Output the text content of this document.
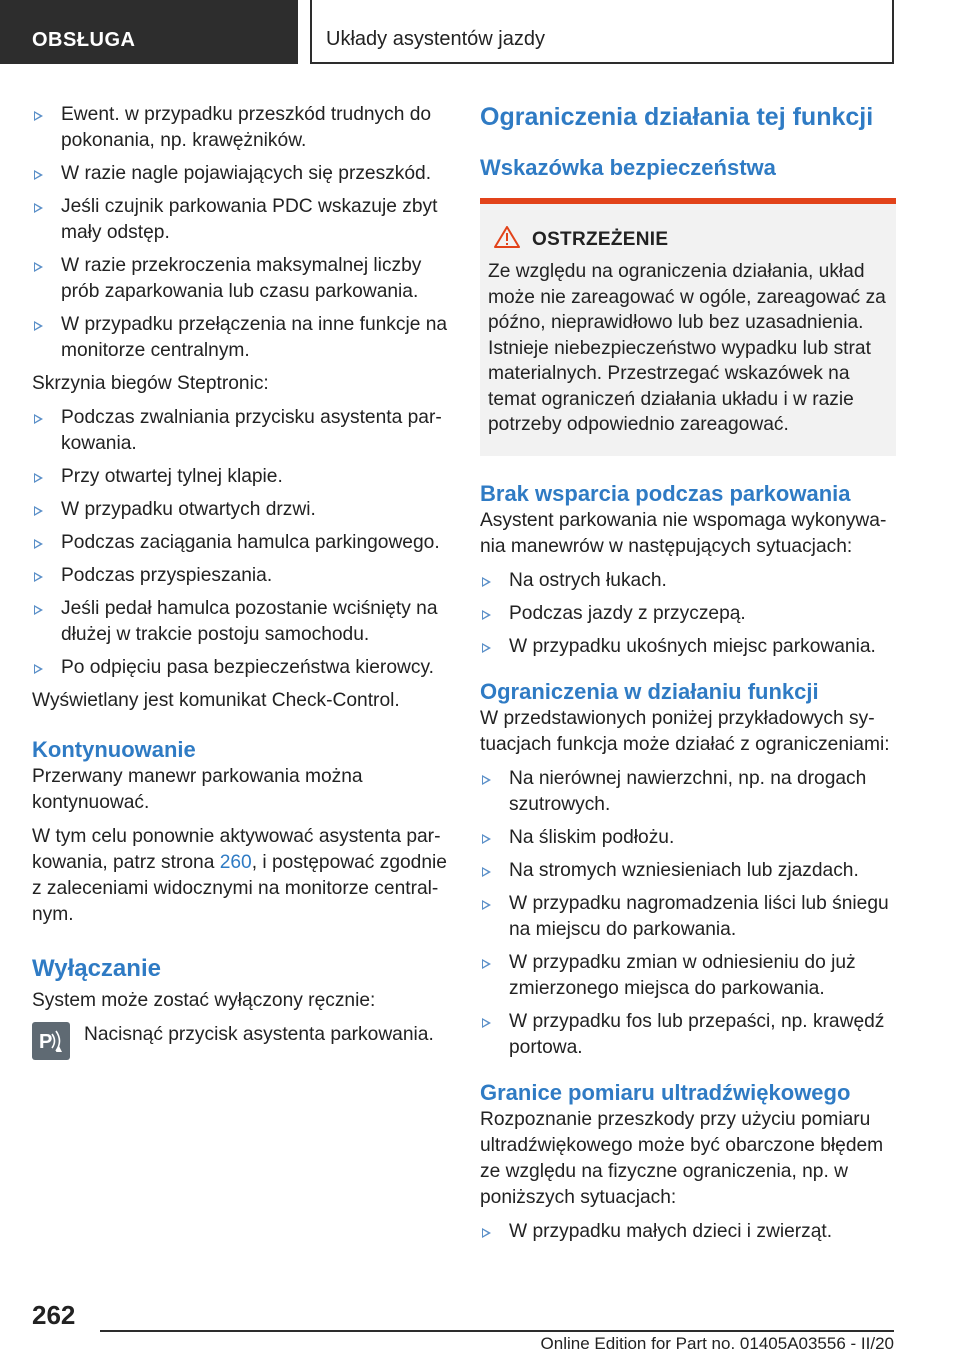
OBSŁUGA	Układy asystentów jazdy
Ewent. w przypadku przeszkód trudnych do pokonania, np. krawężników.
W razie nagle pojawiających się przeszkód.
Jeśli czujnik parkowania PDC wskazuje zbyt mały odstęp.
W razie przekroczenia maksymalnej liczby prób zaparkowania lub czasu parkowania.
W przypadku przełączenia na inne funkcje na monitorze centralnym.

Skrzynia biegów Steptronic:

Podczas zwalniania przycisku asystenta parkowania.
Przy otwartej tylnej klapie.
W przypadku otwartych drzwi.
Podczas zaciągania hamulca parkingowego.
Podczas przyspieszania.
Jeśli pedał hamulca pozostanie wciśnięty na dłużej w trakcie postoju samochodu.
Po odpięciu pasa bezpieczeństwa kierowcy.

Wyświetlany jest komunikat Check-Control.

Kontynuowanie

Przerwany manewr parkowania można kontynuować.

W tym celu ponownie aktywować asystenta parkowania, patrz strona 260, i postępować zgodnie z zaleceniami widocznymi na monitorze centralnym.

Wyłączanie

System może zostać wyłączony ręcznie:

P Nacisnąć przycisk asystenta parkowania.

Ograniczenia działania tej funkcji

Wskazówka bezpieczeństwa

OSTRZEŻENIE
Ze względu na ograniczenia działania, układ może nie zareagować w ogóle, zareagować za późno, nieprawidłowo lub bez uzasadnienia. Istnieje niebezpieczeństwo wypadku lub strat materialnych. Przestrzegać wskazówek na temat ograniczeń działania układu i w razie potrzeby odpowiednio zareagować.

Brak wsparcia podczas parkowania

Asystent parkowania nie wspomaga wykonywania manewrów w następujących sytuacjach:

Na ostrych łukach.
Podczas jazdy z przyczepą.
W przypadku ukośnych miejsc parkowania.

Ograniczenia w działaniu funkcji

W przedstawionych poniżej przykładowych sytuacjach funkcja może działać z ograniczeniami:

Na nierównej nawierzchni, np. na drogach szutrowych.
Na śliskim podłożu.
Na stromych wzniesieniach lub zjazdach.
W przypadku nagromadzenia liści lub śniegu na miejscu do parkowania.
W przypadku zmian w odniesieniu do już zmierzonego miejsca do parkowania.
W przypadku fos lub przepaści, np. krawędź portowa.

Granice pomiaru ultradźwiękowego

Rozpoznanie przeszkody przy użyciu pomiaru ultradźwiękowego może być obarczone błędem ze względu na fizyczne ograniczenia, np. w poniższych sytuacjach:

W przypadku małych dzieci i zwierząt.
262
Online Edition for Part no. 01405A03556 - II/20
